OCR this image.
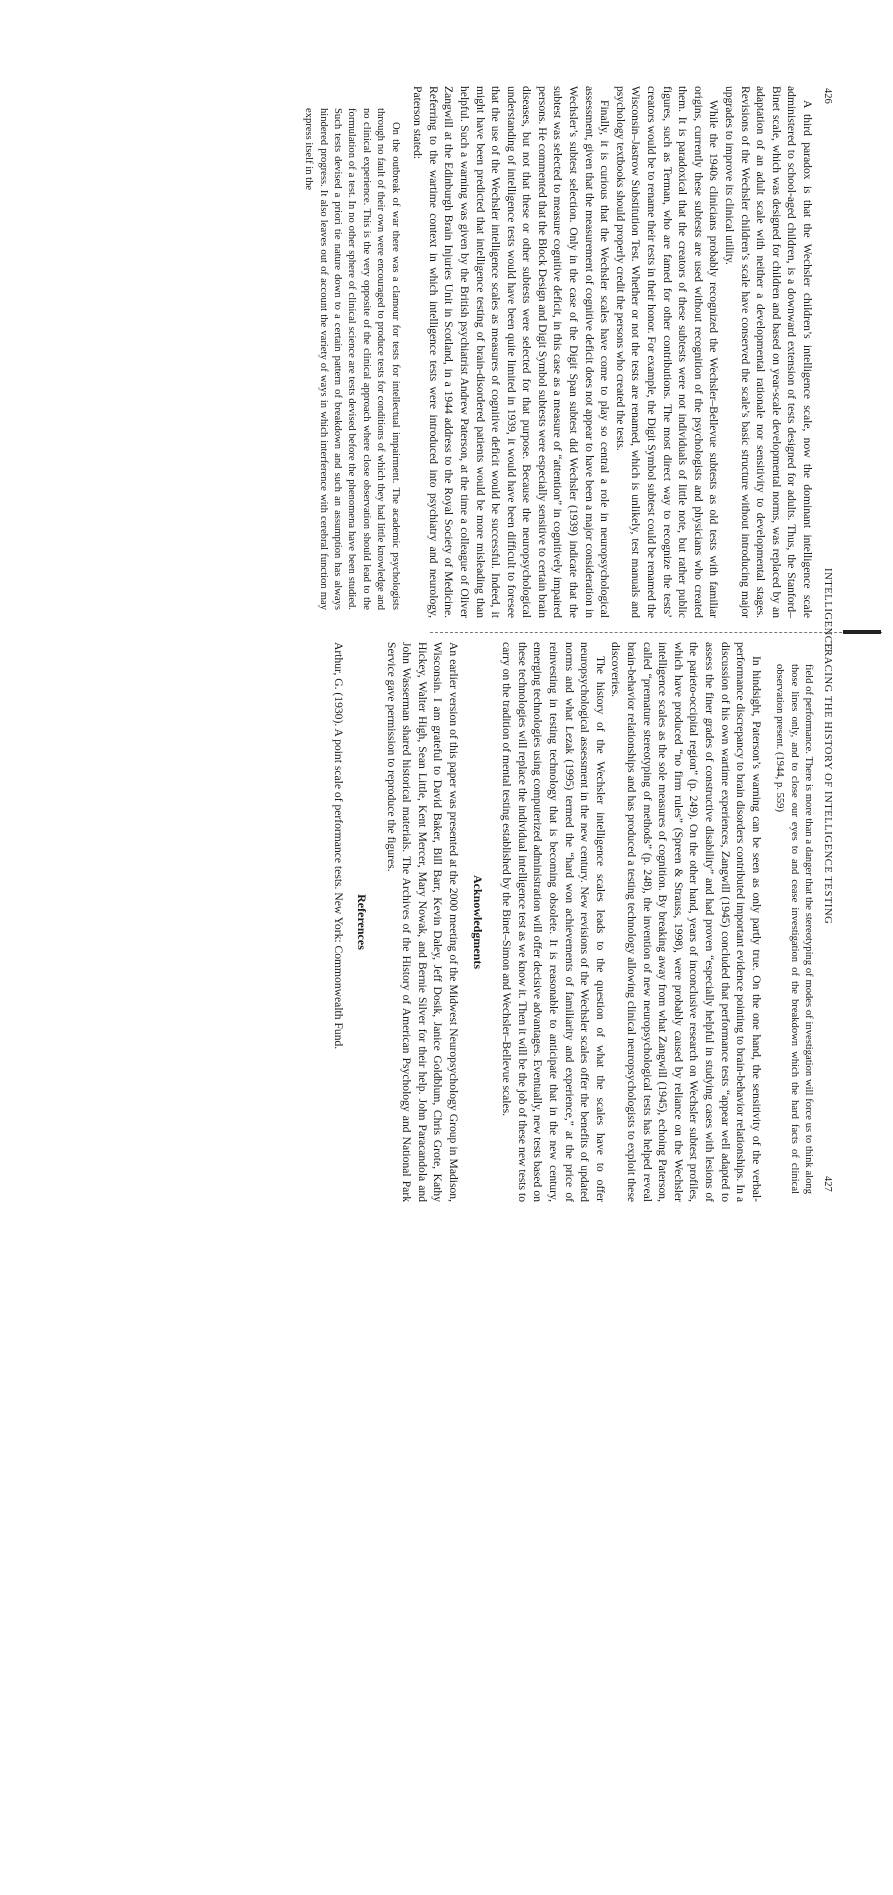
426
INTELLIGENCE

A third paradox is that the Wechsler children’s intelligence scale, now the dominant intelligence scale administered to school-aged children, is a downward extension of tests designed for adults. Thus, the Stanford–Binet scale, which was designed for children and based on year-scale developmental norms, was replaced by an adaptation of an adult scale with neither a developmental rationale nor sensitivity to developmental stages. Revisions of the Wechsler children’s scale have conserved the scale’s basic structure without introducing major upgrades to improve its clinical utility.

While the 1940s clinicians probably recognized the Wechsler–Bellevue subtests as old tests with familiar origins, currently these subtests are used without recognition of the psychologists and physicians who created them. It is paradoxical that the creators of these subtests were not individuals of little note, but rather public figures, such as Terman, who are famed for other contributions. The most direct way to recognize the tests’ creators would be to rename their tests in their honor. For example, the Digit Symbol subtest could be renamed the Wisconsin–Jastrow Substitution Test. Whether or not the tests are renamed, which is unlikely, test manuals and psychology textbooks should properly credit the persons who created the tests.

Finally, it is curious that the Wechsler scales have come to play so central a role in neuropsychological assessment, given that the measurement of cognitive deficit does not appear to have been a major consideration in Wechsler’s subtest selection. Only in the case of the Digit Span subtest did Wechsler (1939) indicate that the subtest was selected to measure cognitive deficit, in this case as a measure of “attention” in cognitively impaired persons. He commented that the Block Design and Digit Symbol subtests were especially sensitive to certain brain diseases, but not that these or other subtests were selected for that purpose. Because the neuropsychological understanding of intelligence tests would have been quite limited in 1939, it would have been difficult to foresee that the use of the Wechsler intelligence scales as measures of cognitive deficit would be successful. Indeed, it might have been predicted that intelligence testing of brain-disordered patients would be more misleading than helpful. Such a warning was given by the British psychiatrist Andrew Paterson, at the time a colleague of Oliver Zangwill at the Edinburgh Brain Injuries Unit in Scotland, in a 1944 address to the Royal Society of Medicine. Referring to the wartime context in which intelligence tests were introduced into psychiatry and neurology, Paterson stated:

On the outbreak of war there was a clamour for tests for intellectual impairment. The academic psychologists through no fault of their own were encouraged to produce tests for conditions of which they had little knowledge and no clinical experience. This is the very opposite of the clinical approach where close observation should lead to the formulation of a test. In no other sphere of clinical science are tests devised before the phenomena have been studied. Such tests devised a priori tie nature down to a certain pattern of breakdown and such an assumption has always hindered progress. It also leaves out of account the variety of ways in which interference with cerebral function may express itself in the

TRACING THE HISTORY OF INTELLIGENCE TESTING
427

field of performance. There is more than a danger that the stereotyping of modes of investigation will force us to think along those lines only, and to close our eyes to and cease investigation of the breakdown which the hard facts of clinical observation present. (1944, p. 559)

In hindsight, Paterson’s warning can be seen as only partly true. On the one hand, the sensitivity of the verbal-performance discrepancy to brain disorders contributed important evidence pointing to brain-behavior relationships. In a discussion of his own wartime experiences, Zangwill (1945) concluded that performance tests “appear well adapted to assess the finer grades of constructive disability” and had proven “especially helpful in studying cases with lesions of the parieto-occipital region” (p. 249). On the other hand, years of inconclusive research on Wechsler subtest profiles, which have produced “no firm rules” (Spreen & Strauss, 1998), were probably caused by reliance on the Wechsler intelligence scales as the sole measures of cognition. By breaking away from what Zangwill (1945), echoing Paterson, called “premature stereotyping of methods” (p. 248), the invention of new neuropsychological tests has helped reveal brain-behavior relationships and has produced a testing technology allowing clinical neuropsychologists to exploit these discoveries.

The history of the Wechsler intelligence scales leads to the question of what the scales have to offer neuropsychological assessment in the new century. New revisions of the Wechsler scales offer the benefits of updated norms and what Lezak (1995) termed the “hard won achievements of familiarity and experience,” at the price of reinvesting in testing technology that is becoming obsolete. It is reasonable to anticipate that in the new century, emerging technologies using computerized administration will offer decisive advantages. Eventually, new tests based on these technologies will replace the individual intelligence test as we know it. Then it will be the job of these new tests to carry on the tradition of mental testing established by the Binet–Simon and Wechsler–Bellevue scales.

Acknowledgments

An earlier version of this paper was presented at the 2000 meeting of the Midwest Neuropsychology Group in Madison, Wisconsin. I am grateful to David Baker, Bill Barr, Kevin Daley, Jeff Dosik, Janice Goldblum, Chris Grote, Kathy Hickey, Walter High, Sean Little, Kent Mercer, Mary Nowak, and Bernie Silver for their help. John Paracandola and John Wasserman shared historical materials. The Archives of the History of American Psychology and National Park Service gave permission to reproduce the figures.

References

Arthur, G. (1930). A point scale of performance tests. New York: Commonwealth Fund.
